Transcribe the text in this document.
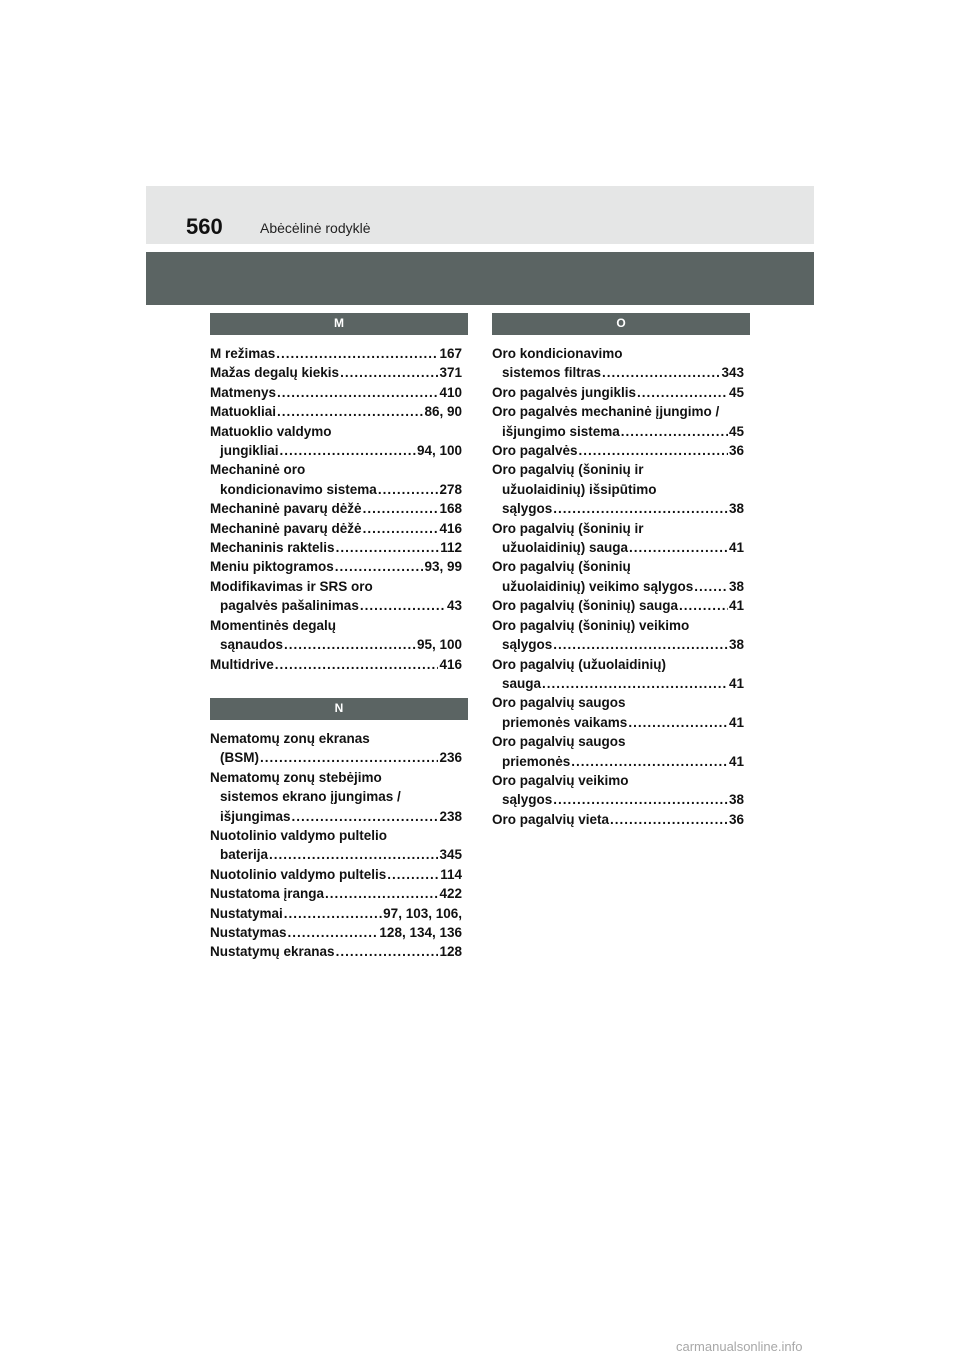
560	Abėcėlinė rodyklė
M
M režimas .....	167
Mažas degalų kiekis .....	371
Matmenys .....	410
Matuokliai .....	86, 90
Matuoklio valdymo
jungikliai .....	94, 100
Mechaninė oro
kondicionavimo sistema .....	278
Mechaninė pavarų dėžė .....	168
Mechaninė pavarų dėžė .....	416
Mechaninis raktelis .....	112
Meniu piktogramos .....	93, 99
Modifikavimas ir SRS oro
pagalvės pašalinimas .....	43
Momentinės degalų
sąnaudos .....	95, 100
Multidrive .....	416
N
Nematomų zonų ekranas
(BSM) .....	236
Nematomų zonų stebėjimo
sistemos ekrano įjungimas /
išjungimas .....	238
Nuotolinio valdymo pultelio
baterija .....	345
Nuotolinio valdymo pultelis .....	114
Nustatoma įranga .....	422
Nustatymai .....	97, 103, 106,
Nustatymas .....	128, 134, 136
Nustatymų ekranas .....	128
O
Oro kondicionavimo
sistemos filtras .....	343
Oro pagalvės jungiklis .....	45
Oro pagalvės mechaninė įjungimo /
išjungimo sistema .....	45
Oro pagalvės .....	36
Oro pagalvių (šoninių ir
užuolaidinių) išsipūtimo
sąlygos .....	38
Oro pagalvių (šoninių ir
užuolaidinių) sauga .....	41
Oro pagalvių (šoninių
užuolaidinių) veikimo sąlygos .....	38
Oro pagalvių (šoninių) sauga .....	41
Oro pagalvių (šoninių) veikimo
sąlygos .....	38
Oro pagalvių (užuolaidinių)
sauga .....	41
Oro pagalvių saugos
priemonės vaikams .....	41
Oro pagalvių saugos
priemonės .....	41
Oro pagalvių veikimo
sąlygos .....	38
Oro pagalvių vieta .....	36
carmanualsonline.info
